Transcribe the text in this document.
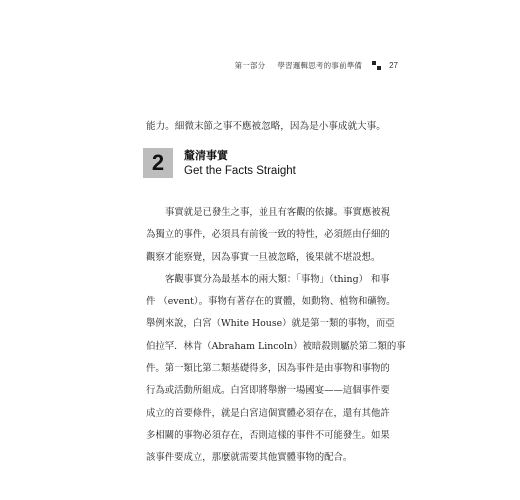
第一部分 學習邏輯思考的事前準備	27
能力。細微末節之事不應被忽略，因為是小事成就大事。
2	釐清事實
Get the Facts Straight
事實就是已發生之事，並且有客觀的依據。事實應被視
為獨立的事件，必須具有前後一致的特性，必須經由仔細的
觀察才能察覺，因為事實一旦被忽略，後果就不堪設想。
客觀事實分為最基本的兩大類：「事物」（thing） 和事
件 （event）。事物有著存在的實體，如動物、植物和礦物。
舉例來說，白宮（White House）就是第一類的事物，而亞
伯拉罕．林肯（Abraham Lincoln）被暗殺則屬於第二類的事
件。第一類比第二類基礎得多，因為事件是由事物和事物的
行為或活動所組成。白宮即將舉辦一場國宴——這個事件要
成立的首要條件，就是白宮這個實體必須存在，還有其他許
多相關的事物必須存在，否則這樣的事件不可能發生。如果
該事件要成立，那麼就需要其他實體事物的配合。
